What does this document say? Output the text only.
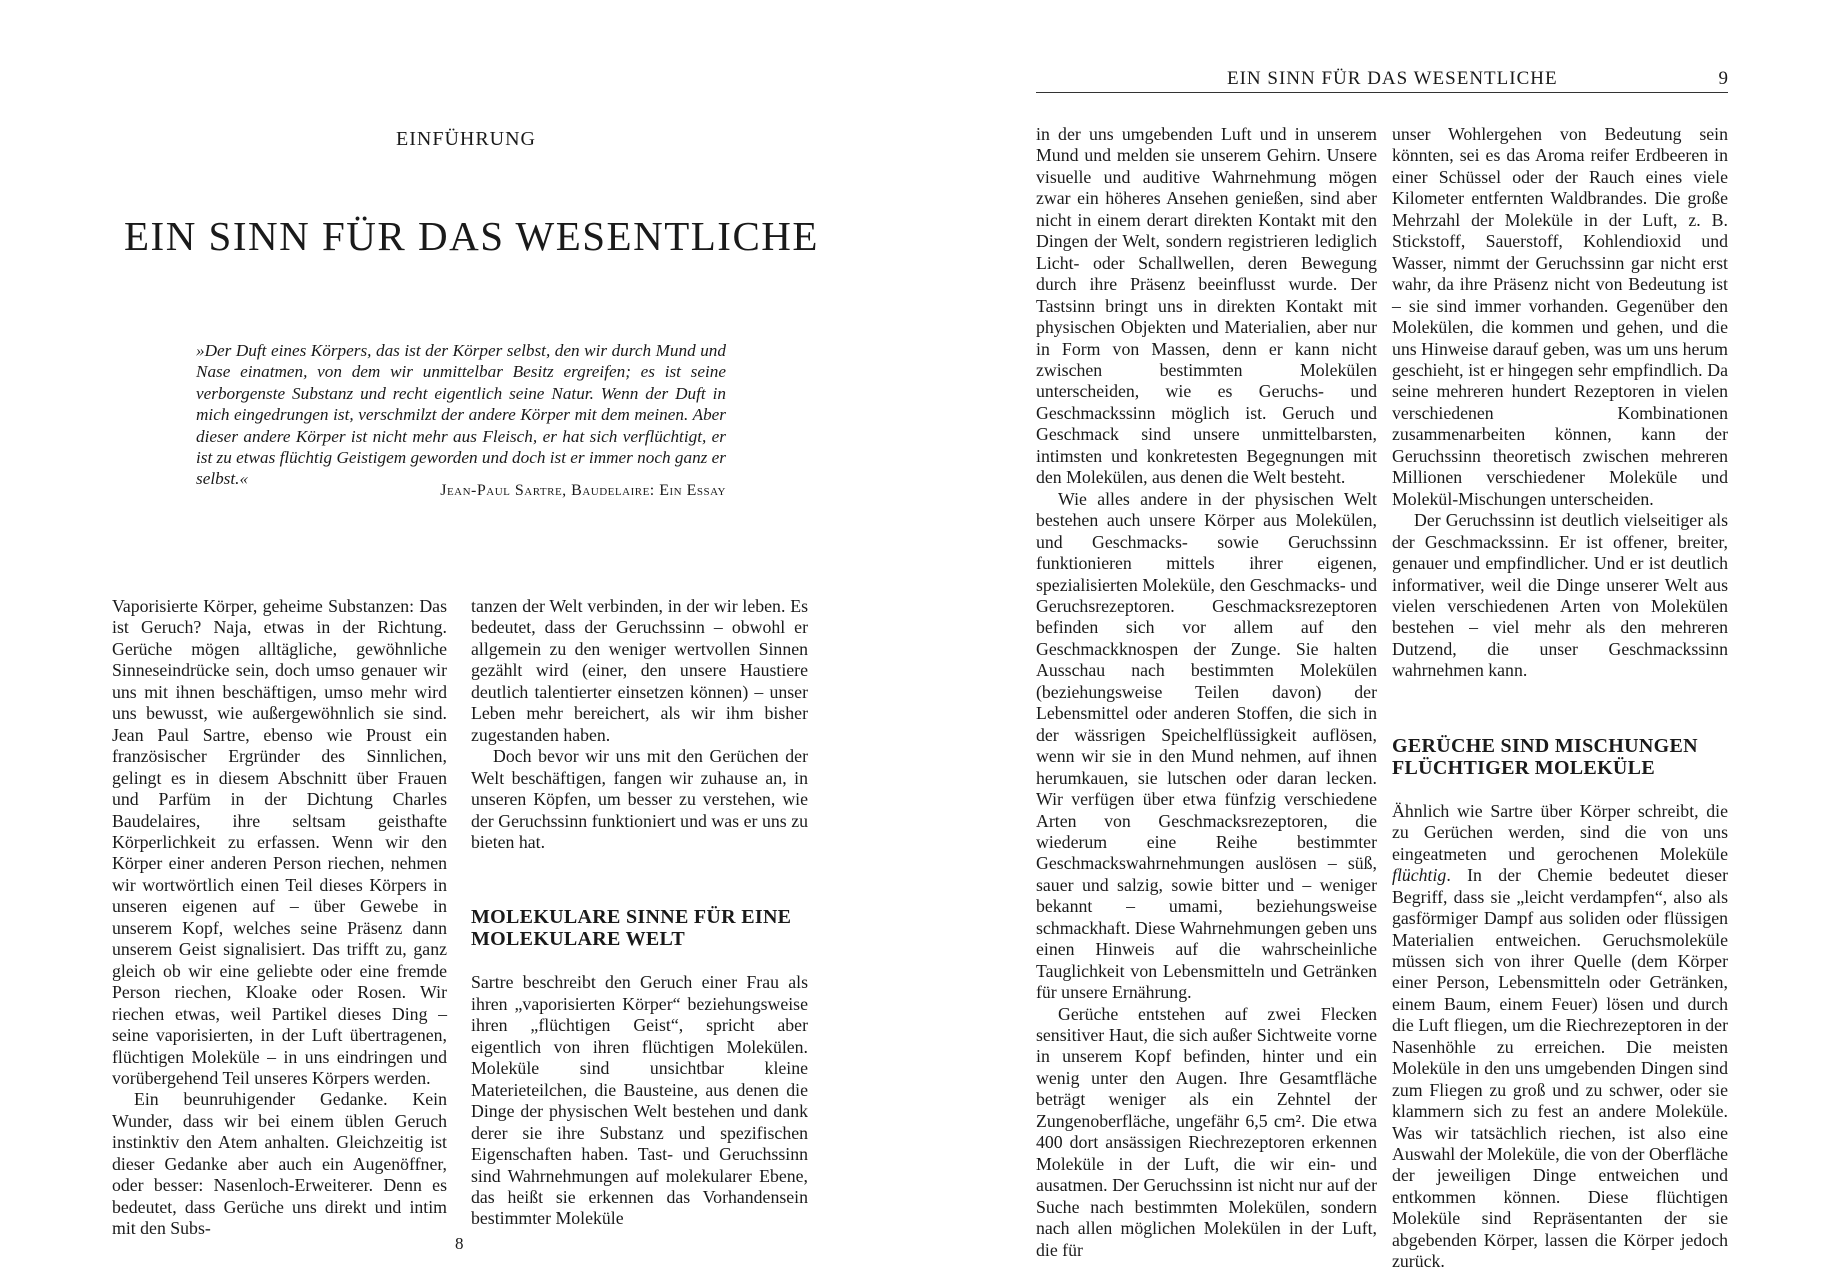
EINFÜHRUNG
EIN SINN FÜR DAS WESENTLICHE
»Der Duft eines Körpers, das ist der Körper selbst, den wir durch Mund und Nase einatmen, von dem wir unmittelbar Besitz ergreifen; es ist seine verborgenste Substanz und recht eigentlich seine Natur. Wenn der Duft in mich eingedrungen ist, verschmilzt der andere Körper mit dem meinen. Aber dieser andere Körper ist nicht mehr aus Fleisch, er hat sich verflüchtigt, er ist zu etwas flüchtig Geistigem geworden und doch ist er immer noch ganz er selbst.«
Jean-Paul Sartre, Baudelaire: Ein Essay

Vaporisierte Körper, geheime Substanzen: Das ist Geruch? Naja, etwas in der Richtung. Gerüche mögen alltägliche, gewöhnliche Sinneseindrücke sein, doch umso genauer wir uns mit ihnen beschäftigen, umso mehr wird uns bewusst, wie außergewöhnlich sie sind. Jean Paul Sartre, ebenso wie Proust ein französischer Ergründer des Sinnlichen, gelingt es in diesem Abschnitt über Frauen und Parfüm in der Dichtung Charles Baudelaires, ihre seltsam geisthafte Körperlichkeit zu erfassen. Wenn wir den Körper einer anderen Person riechen, nehmen wir wortwörtlich einen Teil dieses Körpers in unseren eigenen auf – über Gewebe in unserem Kopf, welches seine Präsenz dann unserem Geist signalisiert. Das trifft zu, ganz gleich ob wir eine geliebte oder eine fremde Person riechen, Kloake oder Rosen. Wir riechen etwas, weil Partikel dieses Ding – seine vaporisierten, in der Luft übertragenen, flüchtigen Moleküle – in uns eindringen und vorübergehend Teil unseres Körpers werden.

Ein beunruhigender Gedanke. Kein Wunder, dass wir bei einem üblen Geruch instinktiv den Atem anhalten. Gleichzeitig ist dieser Gedanke aber auch ein Augenöffner, oder besser: Nasenloch-Erweiterer. Denn es bedeutet, dass Gerüche uns direkt und intim mit den Subs-

tanzen der Welt verbinden, in der wir leben. Es bedeutet, dass der Geruchssinn – obwohl er allgemein zu den weniger wertvollen Sinnen gezählt wird (einer, den unsere Haustiere deutlich talentierter einsetzen können) – unser Leben mehr bereichert, als wir ihm bisher zugestanden haben.

Doch bevor wir uns mit den Gerüchen der Welt beschäftigen, fangen wir zuhause an, in unseren Köpfen, um besser zu verstehen, wie der Geruchssinn funktioniert und was er uns zu bieten hat.

MOLEKULARE SINNE FÜR EINE
MOLEKULARE WELT

Sartre beschreibt den Geruch einer Frau als ihren „vaporisierten Körper“ beziehungsweise ihren „flüchtigen Geist“, spricht aber eigentlich von ihren flüchtigen Molekülen. Moleküle sind unsichtbar kleine Materieteilchen, die Bausteine, aus denen die Dinge der physischen Welt bestehen und dank derer sie ihre Substanz und spezifischen Eigenschaften haben. Tast- und Geruchssinn sind Wahrnehmungen auf molekularer Ebene, das heißt sie erkennen das Vorhandensein bestimmter Moleküle

8
EIN SINN FÜR DAS WESENTLICHE	9

in der uns umgebenden Luft und in unserem Mund und melden sie unserem Gehirn. Unsere visuelle und auditive Wahrnehmung mögen zwar ein höheres Ansehen genießen, sind aber nicht in einem derart direkten Kontakt mit den Dingen der Welt, sondern registrieren lediglich Licht- oder Schallwellen, deren Bewegung durch ihre Präsenz beeinflusst wurde. Der Tastsinn bringt uns in direkten Kontakt mit physischen Objekten und Materialien, aber nur in Form von Massen, denn er kann nicht zwischen bestimmten Molekülen unterscheiden, wie es Geruchs- und Geschmackssinn möglich ist. Geruch und Geschmack sind unsere unmittelbarsten, intimsten und konkretesten Begegnungen mit den Molekülen, aus denen die Welt besteht.

Wie alles andere in der physischen Welt bestehen auch unsere Körper aus Molekülen, und Geschmacks- sowie Geruchssinn funktionieren mittels ihrer eigenen, spezialisierten Moleküle, den Geschmacks- und Geruchsrezeptoren. Geschmacksrezeptoren befinden sich vor allem auf den Geschmackknospen der Zunge. Sie halten Ausschau nach bestimmten Molekülen (beziehungsweise Teilen davon) der Lebensmittel oder anderen Stoffen, die sich in der wässrigen Speichelflüssigkeit auflösen, wenn wir sie in den Mund nehmen, auf ihnen herumkauen, sie lutschen oder daran lecken. Wir verfügen über etwa fünfzig verschiedene Arten von Geschmacksrezeptoren, die wiederum eine Reihe bestimmter Geschmackswahrnehmungen auslösen – süß, sauer und salzig, sowie bitter und – weniger bekannt – umami, beziehungsweise schmackhaft. Diese Wahrnehmungen geben uns einen Hinweis auf die wahrscheinliche Tauglichkeit von Lebensmitteln und Getränken für unsere Ernährung.

Gerüche entstehen auf zwei Flecken sensitiver Haut, die sich außer Sichtweite vorne in unserem Kopf befinden, hinter und ein wenig unter den Augen. Ihre Gesamtfläche beträgt weniger als ein Zehntel der Zungenoberfläche, ungefähr 6,5 cm². Die etwa 400 dort ansässigen Riechrezeptoren erkennen Moleküle in der Luft, die wir ein- und ausatmen. Der Geruchssinn ist nicht nur auf der Suche nach bestimmten Molekülen, sondern nach allen möglichen Molekülen in der Luft, die für

unser Wohlergehen von Bedeutung sein könnten, sei es das Aroma reifer Erdbeeren in einer Schüssel oder der Rauch eines viele Kilometer entfernten Waldbrandes. Die große Mehrzahl der Moleküle in der Luft, z. B. Stickstoff, Sauerstoff, Kohlendioxid und Wasser, nimmt der Geruchssinn gar nicht erst wahr, da ihre Präsenz nicht von Bedeutung ist – sie sind immer vorhanden. Gegenüber den Molekülen, die kommen und gehen, und die uns Hinweise darauf geben, was um uns herum geschieht, ist er hingegen sehr empfindlich. Da seine mehreren hundert Rezeptoren in vielen verschiedenen Kombinationen zusammenarbeiten können, kann der Geruchssinn theoretisch zwischen mehreren Millionen verschiedener Moleküle und Molekül-Mischungen unterscheiden.

Der Geruchssinn ist deutlich vielseitiger als der Geschmackssinn. Er ist offener, breiter, genauer und empfindlicher. Und er ist deutlich informativer, weil die Dinge unserer Welt aus vielen verschiedenen Arten von Molekülen bestehen – viel mehr als den mehreren Dutzend, die unser Geschmackssinn wahrnehmen kann.

GERÜCHE SIND MISCHUNGEN
FLÜCHTIGER MOLEKÜLE

Ähnlich wie Sartre über Körper schreibt, die zu Gerüchen werden, sind die von uns eingeatmeten und gerochenen Moleküle flüchtig. In der Chemie bedeutet dieser Begriff, dass sie „leicht verdampfen“, also als gasförmiger Dampf aus soliden oder flüssigen Materialien entweichen. Geruchsmoleküle müssen sich von ihrer Quelle (dem Körper einer Person, Lebensmitteln oder Getränken, einem Baum, einem Feuer) lösen und durch die Luft fliegen, um die Riechrezeptoren in der Nasenhöhle zu erreichen. Die meisten Moleküle in den uns umgebenden Dingen sind zum Fliegen zu groß und zu schwer, oder sie klammern sich zu fest an andere Moleküle. Was wir tatsächlich riechen, ist also eine Auswahl der Moleküle, die von der Oberfläche der jeweiligen Dinge entweichen und entkommen können. Diese flüchtigen Moleküle sind Repräsentanten der sie abgebenden Körper, lassen die Körper jedoch zurück.
